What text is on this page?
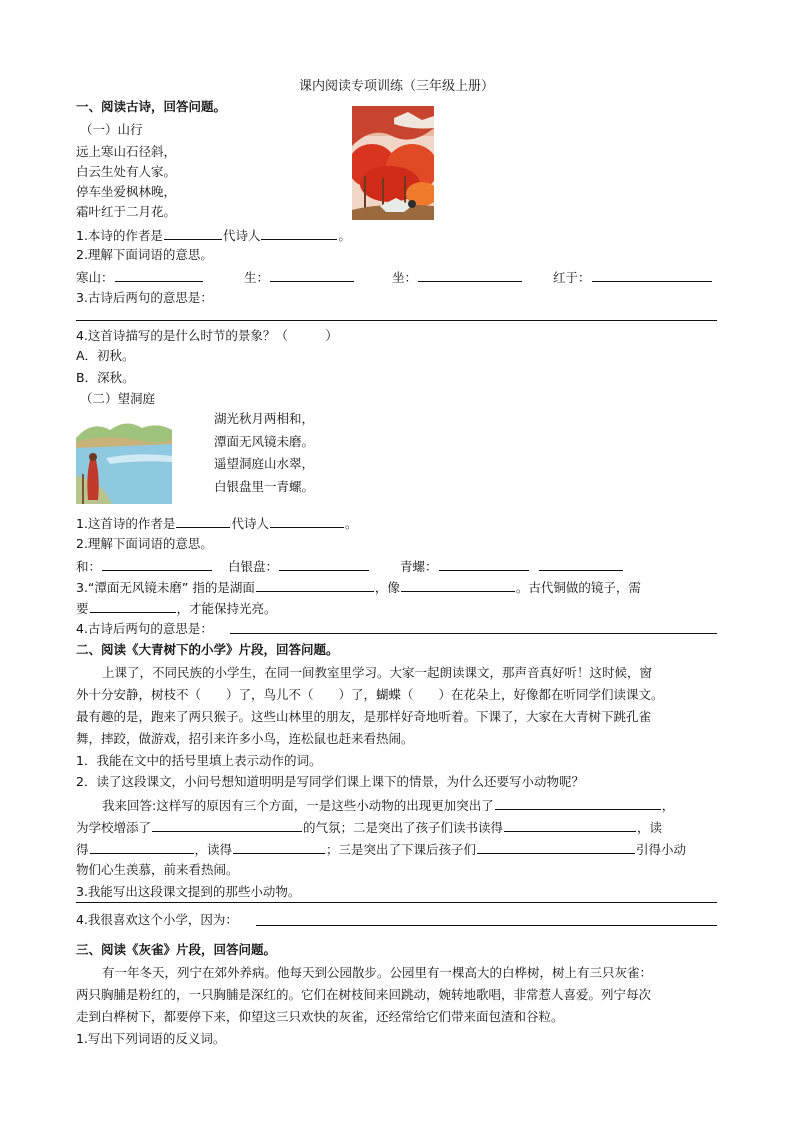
课内阅读专项训练（三年级上册）
一、阅读古诗，回答问题。
（一）山行
远上寒山石径斜，
白云生处有人家。
停车坐爱枫林晚，
霜叶红于二月花。
1.本诗的作者是	代诗人	。
2.理解下面词语的意思。
寒山：	生：	坐：	红于：
3.古诗后两句的意思是：
4.这首诗描写的是什么时节的景象？（　　　）
A．初秋。
B．深秋。
（二）望洞庭
湖光秋月两相和，
潭面无风镜未磨。
遥望洞庭山水翠，
白银盘里一青螺。
1.这首诗的作者是	代诗人	。
2.理解下面词语的意思。
和：	白银盘：	青螺：
3.“潭面无风镜未磨” 指的是湖面	，像	。古代铜做的镜子，需
要	，才能保持光亮。
4.古诗后两句的意思是：
二、阅读《大青树下的小学》片段，回答问题。
上课了，不同民族的小学生，在同一间教室里学习。大家一起朗读课文，那声音真好听！这时候，窗
外十分安静，树枝不（　　）了，鸟儿不（　　）了，蝴蝶（　　）在花朵上，好像都在听同学们读课文。
最有趣的是，跑来了两只猴子。这些山林里的朋友，是那样好奇地听着。下课了，大家在大青树下跳孔雀
舞，摔跤，做游戏，招引来许多小鸟，连松鼠也赶来看热闹。
1．我能在文中的括号里填上表示动作的词。
2．读了这段课文，小问号想知道明明是写同学们课上课下的情景，为什么还要写小动物呢？
我来回答:这样写的原因有三个方面，一是这些小动物的出现更加突出了	，
为学校增添了	的气氛；二是突出了孩子们读书读得	，读
得	，读得	；三是突出了下课后孩子们	引得小动
物们心生羡慕，前来看热闹。
3.我能写出这段课文提到的那些小动物。
4.我很喜欢这个小学，因为：
三、阅读《灰雀》片段，回答问题。
有一年冬天，列宁在郊外养病。他每天到公园散步。公园里有一棵高大的白桦树，树上有三只灰雀：
两只胸脯是粉红的，一只胸脯是深红的。它们在树枝间来回跳动，婉转地歌唱，非常惹人喜爱。列宁每次
走到白桦树下，都要停下来，仰望这三只欢快的灰雀，还经常给它们带来面包渣和谷粒。
1.写出下列词语的反义词。
